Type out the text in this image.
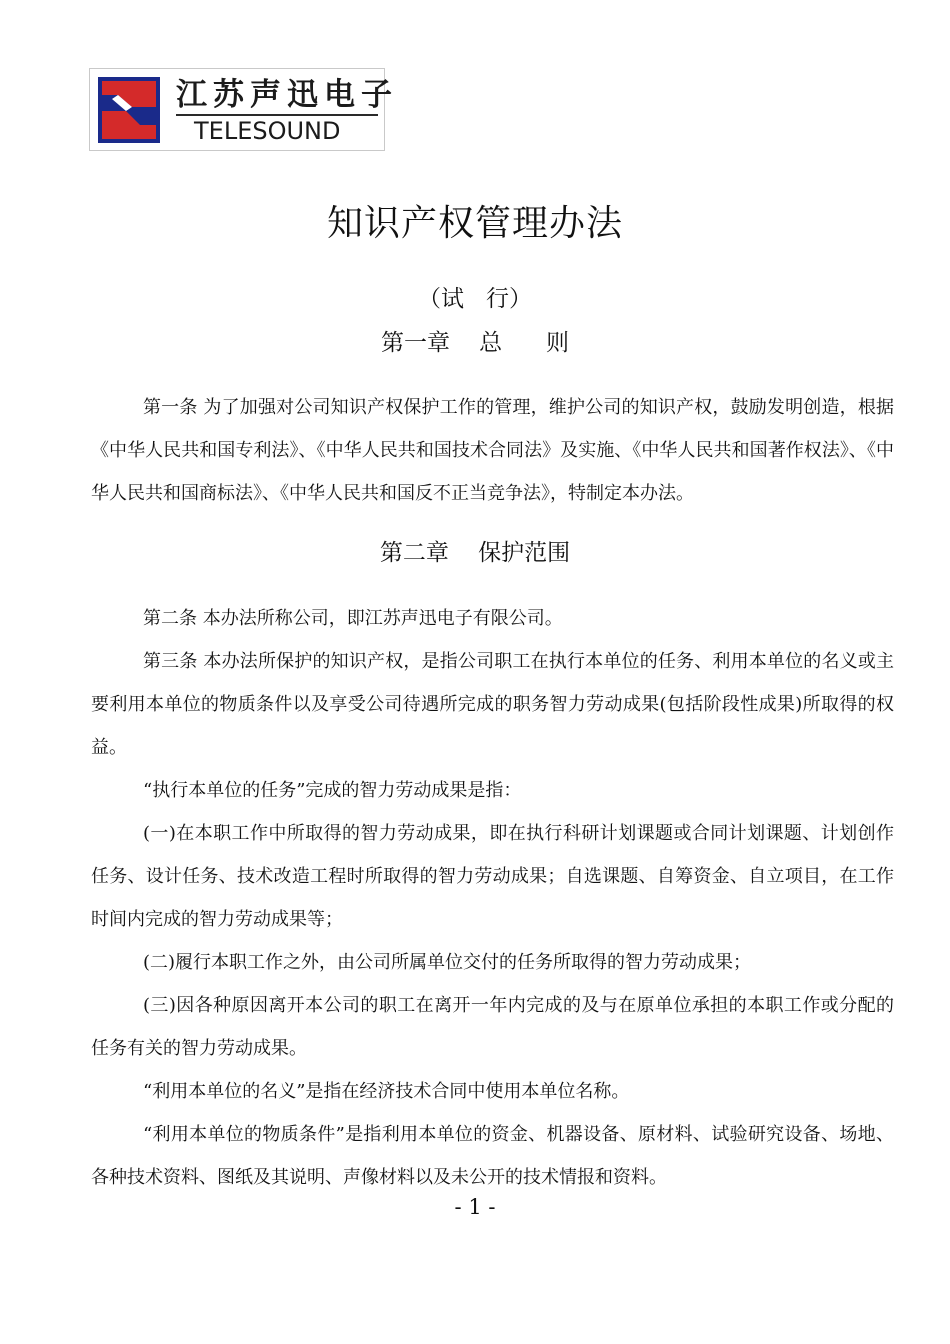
江苏声迅电子
TELESOUND
知识产权管理办法
（试   行）
第一章    总      则

第一条 为了加强对公司知识产权保护工作的管理，维护公司的知识产权，鼓励发明创造，根据《中华人民共和国专利法》、《中华人民共和国技术合同法》及实施、《中华人民共和国著作权法》、《中华人民共和国商标法》、《中华人民共和国反不正当竞争法》，特制定本办法。

第二章    保护范围

第二条 本办法所称公司，即江苏声迅电子有限公司。

第三条 本办法所保护的知识产权，是指公司职工在执行本单位的任务、利用本单位的名义或主要利用本单位的物质条件以及享受公司待遇所完成的职务智力劳动成果(包括阶段性成果)所取得的权益。

“执行本单位的任务”完成的智力劳动成果是指：

(一)在本职工作中所取得的智力劳动成果，即在执行科研计划课题或合同计划课题、计划创作任务、设计任务、技术改造工程时所取得的智力劳动成果；自选课题、自筹资金、自立项目，在工作时间内完成的智力劳动成果等；

(二)履行本职工作之外，由公司所属单位交付的任务所取得的智力劳动成果；

(三)因各种原因离开本公司的职工在离开一年内完成的及与在原单位承担的本职工作或分配的任务有关的智力劳动成果。

“利用本单位的名义”是指在经济技术合同中使用本单位名称。

“利用本单位的物质条件”是指利用本单位的资金、机器设备、原材料、试验研究设备、场地、各种技术资料、图纸及其说明、声像材料以及未公开的技术情报和资料。

- 1 -
